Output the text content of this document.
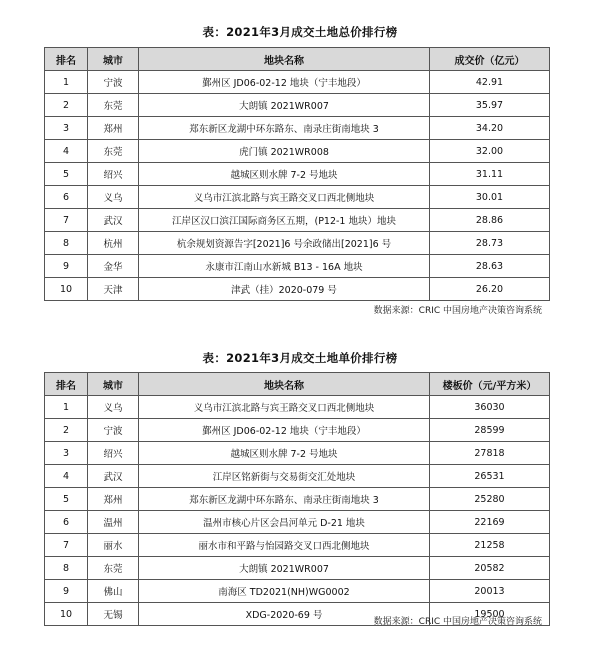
表：2021年3月成交土地总价排行榜
排名	城市	地块名称	成交价（亿元）
1	宁波	鄞州区 JD06-02-12 地块（宁丰地段）	42.91
2	东莞	大朗镇 2021WR007	35.97
3	郑州	郑东新区龙湖中环东路东、南录庄街南地块 3	34.20
4	东莞	虎门镇 2021WR008	32.00
5	绍兴	越城区则水牌 7-2 号地块	31.11
6	义乌	义乌市江滨北路与宾王路交叉口西北侧地块	30.01
7	武汉	江岸区汉口滨江国际商务区五期，(P12-1 地块）地块	28.86
8	杭州	杭余规划资源告字[2021]6 号余政储出[2021]6 号	28.73
9	金华	永康市江南山水新城 B13 - 16A 地块	28.63
10	天津	津武（挂）2020-079 号	26.20
数据来源：CRIC 中国房地产决策咨询系统
表：2021年3月成交土地单价排行榜
排名	城市	地块名称	楼板价（元/平方米）
1	义乌	义乌市江滨北路与宾王路交叉口西北侧地块	36030
2	宁波	鄞州区 JD06-02-12 地块（宁丰地段）	28599
3	绍兴	越城区则水牌 7-2 号地块	27818
4	武汉	江岸区铭新街与交易街交汇处地块	26531
5	郑州	郑东新区龙湖中环东路东、南录庄街南地块 3	25280
6	温州	温州市核心片区会昌河单元 D-21 地块	22169
7	丽水	丽水市和平路与怡园路交叉口西北侧地块	21258
8	东莞	大朗镇 2021WR007	20582
9	佛山	南海区 TD2021(NH)WG0002	20013
10	无锡	XDG-2020-69 号	19500
数据来源：CRIC 中国房地产决策咨询系统
